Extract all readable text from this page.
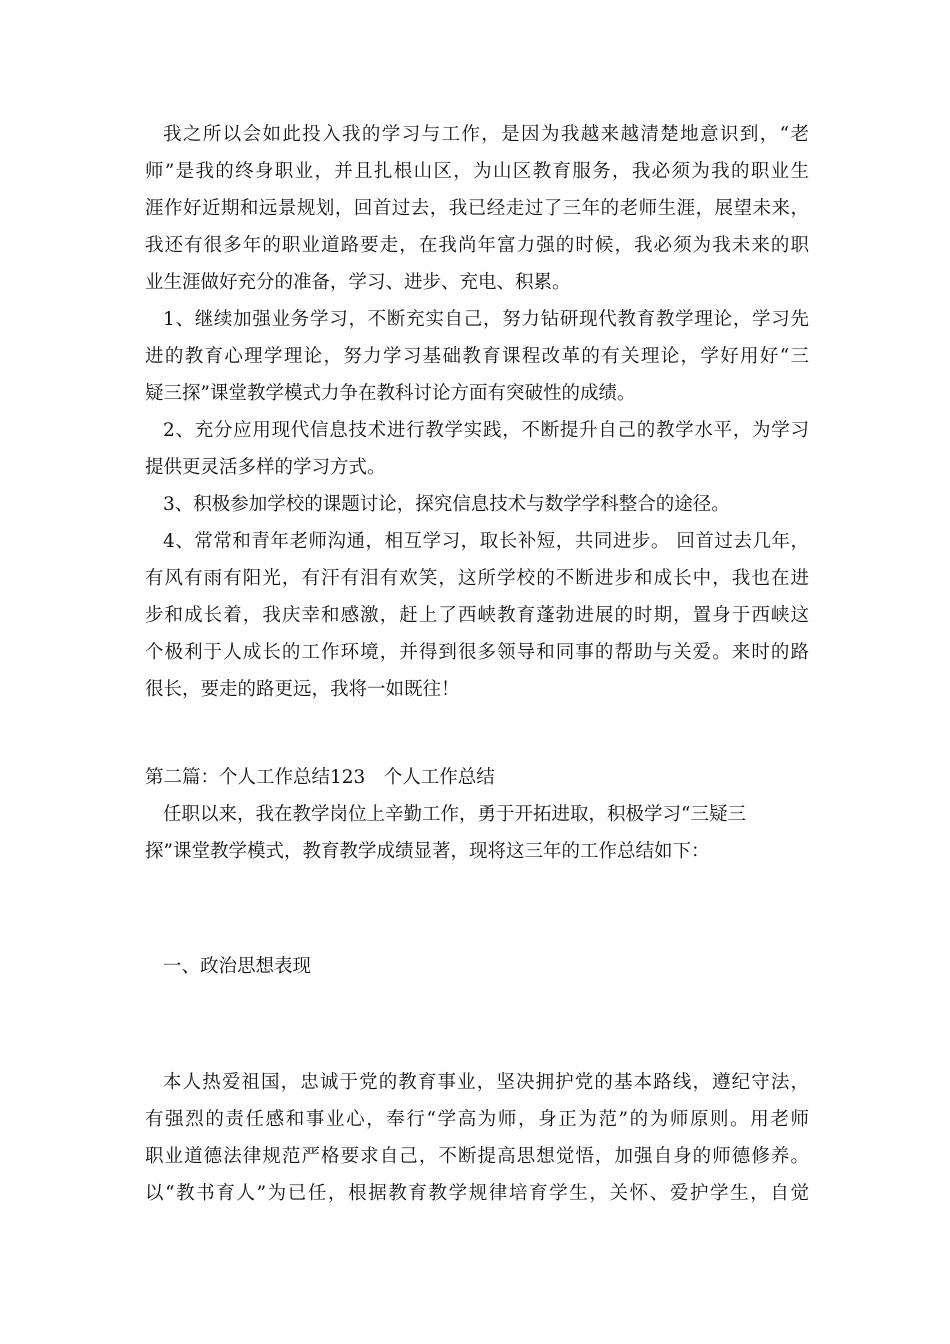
我之所以会如此投入我的学习与工作，是因为我越来越清楚地意识到，“老
师”是我的终身职业，并且扎根山区，为山区教育服务，我必须为我的职业生
涯作好近期和远景规划，回首过去，我已经走过了三年的老师生涯，展望未来，
我还有很多年的职业道路要走，在我尚年富力强的时候，我必须为我未来的职
业生涯做好充分的准备，学习、进步、充电、积累。
1、继续加强业务学习，不断充实自己，努力钻研现代教育教学理论，学习先
进的教育心理学理论，努力学习基础教育课程改革的有关理论，学好用好“三
疑三探”课堂教学模式力争在教科讨论方面有突破性的成绩。
2、充分应用现代信息技术进行教学实践，不断提升自己的教学水平，为学习
提供更灵活多样的学习方式。
3、积极参加学校的课题讨论，探究信息技术与数学学科整合的途径。
4、常常和青年老师沟通，相互学习，取长补短，共同进步。 回首过去几年，
有风有雨有阳光，有汗有泪有欢笑，这所学校的不断进步和成长中，我也在进
步和成长着，我庆幸和感激，赶上了西峡教育蓬勃进展的时期，置身于西峡这
个极利于人成长的工作环境，并得到很多领导和同事的帮助与关爱。来时的路
很长，要走的路更远，我将一如既往！
第二篇：个人工作总结123　个人工作总结
任职以来，我在教学岗位上辛勤工作，勇于开拓进取，积极学习“三疑三
探”课堂教学模式，教育教学成绩显著，现将这三年的工作总结如下：
一、政治思想表现
本人热爱祖国，忠诚于党的教育事业，坚决拥护党的基本路线，遵纪守法，
有强烈的责任感和事业心，奉行“学高为师，身正为范”的为师原则。用老师
职业道德法律规范严格要求自己，不断提高思想觉悟，加强自身的师德修养。
以“教书育人”为已任，根据教育教学规律培育学生，关怀、爱护学生，自觉
